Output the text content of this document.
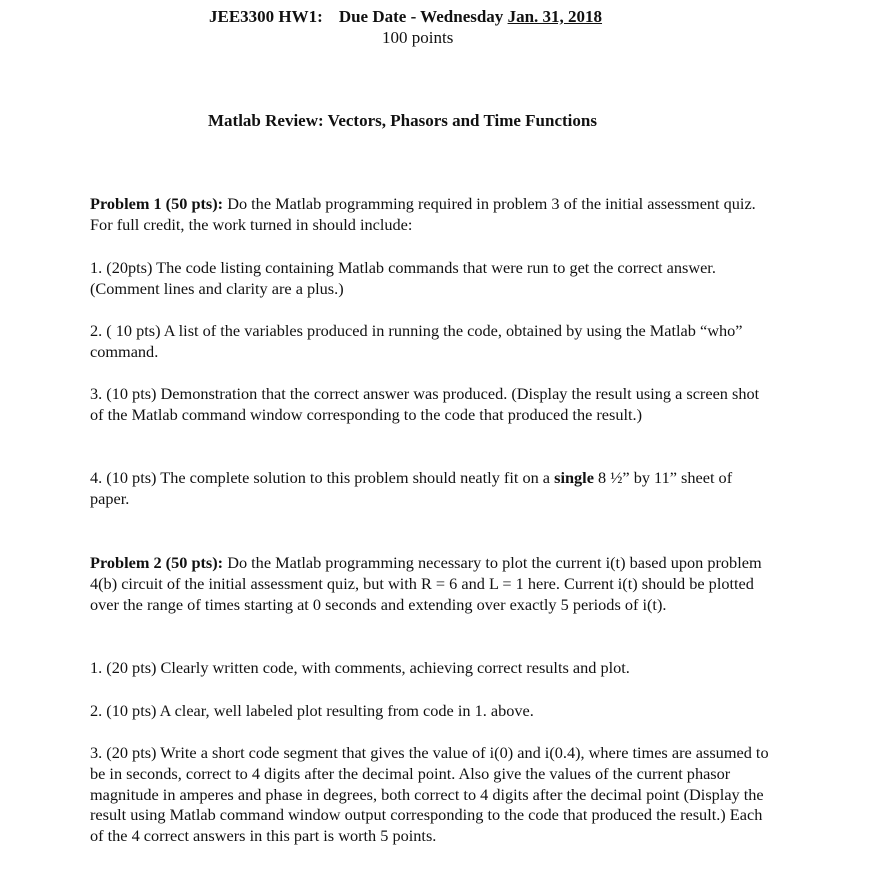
JEE3300 HW1: Due Date - Wednesday Jan. 31, 2018
100 points
Matlab Review: Vectors, Phasors and Time Functions
Problem 1 (50 pts): Do the Matlab programming required in problem 3 of the initial assessment quiz. For full credit, the work turned in should include:
1. (20pts) The code listing containing Matlab commands that were run to get the correct answer. (Comment lines and clarity are a plus.)
2. ( 10 pts) A list of the variables produced in running the code, obtained by using the Matlab “who” command.
3. (10 pts) Demonstration that the correct answer was produced. (Display the result using a screen shot of the Matlab command window corresponding to the code that produced the result.)
4. (10 pts) The complete solution to this problem should neatly fit on a single 8 ½” by 11” sheet of paper.
Problem 2 (50 pts): Do the Matlab programming necessary to plot the current i(t) based upon problem 4(b) circuit of the initial assessment quiz, but with R = 6 and L = 1 here. Current i(t) should be plotted over the range of times starting at 0 seconds and extending over exactly 5 periods of i(t).
1. (20 pts) Clearly written code, with comments, achieving correct results and plot.
2. (10 pts) A clear, well labeled plot resulting from code in 1. above.
3. (20 pts) Write a short code segment that gives the value of i(0) and i(0.4), where times are assumed to be in seconds, correct to 4 digits after the decimal point. Also give the values of the current phasor magnitude in amperes and phase in degrees, both correct to 4 digits after the decimal point (Display the result using Matlab command window output corresponding to the code that produced the result.) Each of the 4 correct answers in this part is worth 5 points.
